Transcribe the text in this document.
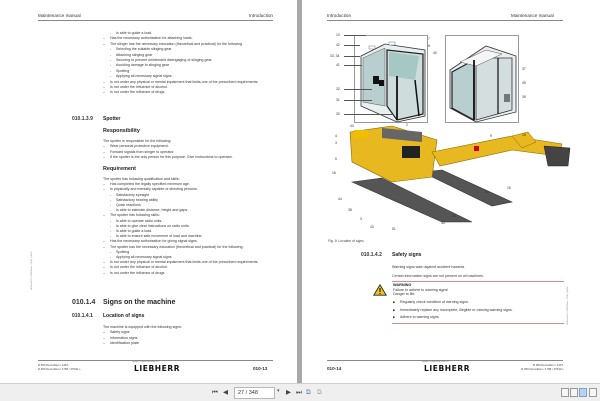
Maintenance manual	Introduction
- Is able to guide a load.
– Has the necessary authorisation for attaching loads.
– The slinger has the necessary education (theoretical and practical) for the following
- Selecting the suitable slinging gear
- Attaching slinging gear
- Securing to prevent unintended disengaging of slinging gear
- Avoiding damage to slinging gear
- Spotting
- Applying all necessary signal signs
– Is not under any physical or mental impairment that limits one of the prescribed requirements.
– Is not under the influence of alcohol.
– Is not under the influence of drugs.
010.1.3.9 Spotter
Responsibility
The spotter is responsible for the following:
– Wear personal protective equipment.
– Forward signals from slinger to operator.
– If the spotter is the only person for this purpose: Give instructions to operator.
Requirement
The spotter has following qualification and skills:
– Has completed the legally specified minimum age.
– Is physically and mentally capable of directing persons.
- Satisfactory eyesight
- Satisfactory hearing ability
- Quick reactions
- Is able to estimate distance, height and gaps.
– The spotter has following skills:
- Is able to operate radio units.
- Is able to give clear instructions on radio units.
- Is able to guide a load.
- Is able to ensure safe movement of load and machine.
– Has the necessary authorisation for giving signal signs.
– The spotter has the necessary education (theoretical and practical) for the following:
- Spotting
- Applying all necessary signal signs
– Is not under any physical or mental impairment that limits one of the prescribed requirements.
– Is not under the influence of alcohol.
– Is not under the influence of drugs.
010.1.4 Signs on the machine
010.1.4.1 Location of signs
The machine is equipped with the following signs:
– Safety signs
– Information signs
– Identification plate
SFMxx010-0 / R950Dxxx / 0010_1402a
R 950 Demolition / 1467-
R 950 Demolition / 1798 / 37540-/-
copyright © Liebherr-France SAS 2017
LIEBHERR	010-13
Introduction	Maintenance manual
10
42
33, 34
41
32
31
30
7
8
40
37
49
39
44
4
3
5
16
44
38
3
43	51
43
36
35
15
9	16
2
Fig. 9: Location of signs
010.1.4.2 Safety signs
Warning signs warn against accident hazards.
Certain information signs are not present on all machines.
WARNING
Failure to adhere to warning signs!
Danger to life.
▶ Regularly check condition of warning signs.
▶ Immediately replace any incomplete, illegible or missing warning signs.
▶ Adhere to warning signs.	SFMxx010-0 / R950Dxxx / 0010_1402b
010-14
copyright © Liebherr-France SAS 2017
LIEBHERR	R 950 Demolition / 1467-
R 950 Demolition / 1798 / 37540-/-
⏮ ◀
27 / 348	▾ ▶ ⏭ ⧉ ⧉
